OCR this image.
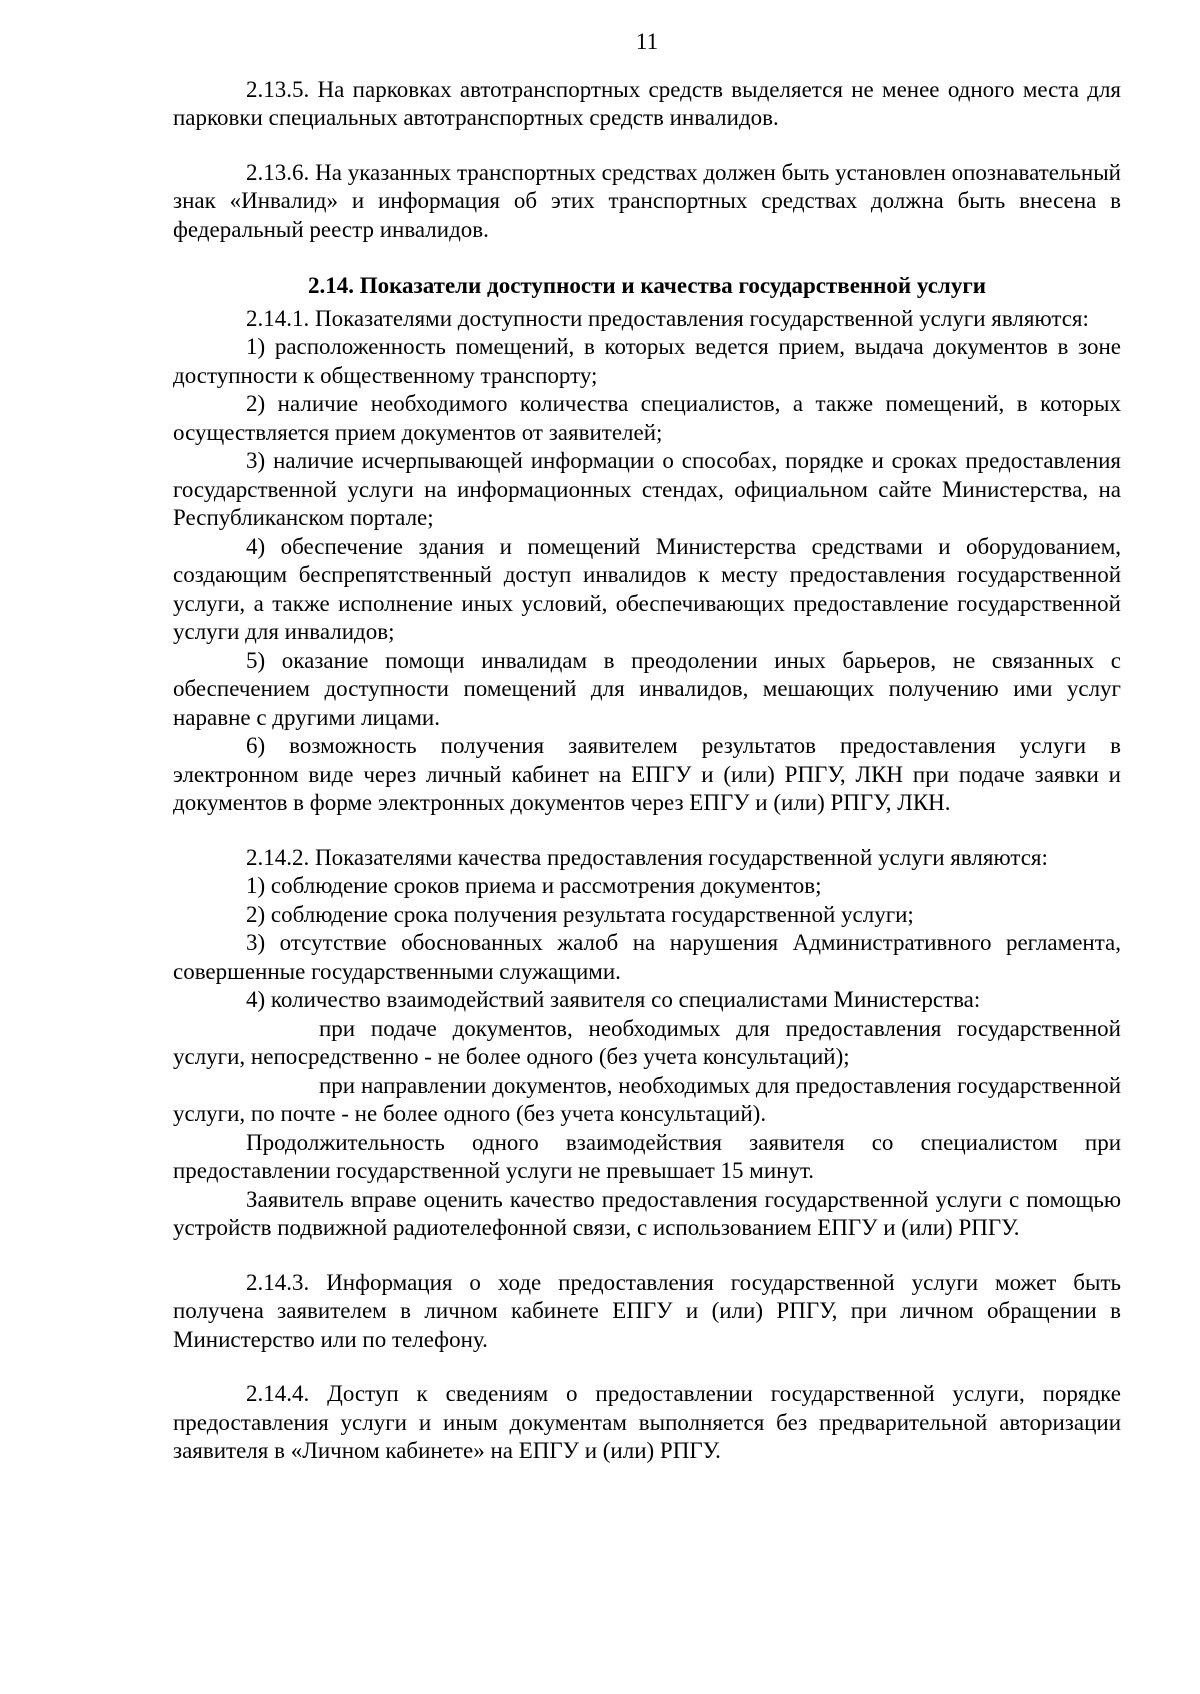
11

2.13.5. На парковках автотранспортных средств выделяется не менее одного места для парковки специальных автотранспортных средств инвалидов.

2.13.6. На указанных транспортных средствах должен быть установлен опознавательный знак «Инвалид» и информация об этих транспортных средствах должна быть внесена в федеральный реестр инвалидов.

2.14. Показатели доступности и качества государственной услуги

2.14.1. Показателями доступности предоставления государственной услуги являются:

1) расположенность помещений, в которых ведется прием, выдача документов в зоне доступности к общественному транспорту;

2) наличие необходимого количества специалистов, а также помещений, в которых осуществляется прием документов от заявителей;

3) наличие исчерпывающей информации о способах, порядке и сроках предоставления государственной услуги на информационных стендах, официальном сайте Министерства, на Республиканском портале;

4) обеспечение здания и помещений Министерства средствами и оборудованием, создающим беспрепятственный доступ инвалидов к месту предоставления государственной услуги, а также исполнение иных условий, обеспечивающих предоставление государственной услуги для инвалидов;

5) оказание помощи инвалидам в преодолении иных барьеров, не связанных с обеспечением доступности помещений для инвалидов, мешающих получению ими услуг наравне с другими лицами.

6) возможность получения заявителем результатов предоставления услуги в электронном виде через личный кабинет на ЕПГУ и (или) РПГУ, ЛКН при подаче заявки и документов в форме электронных документов через ЕПГУ и (или) РПГУ, ЛКН.

2.14.2. Показателями качества предоставления государственной услуги являются:

1) соблюдение сроков приема и рассмотрения документов;

2) соблюдение срока получения результата государственной услуги;

3) отсутствие обоснованных жалоб на нарушения Административного регламента, совершенные государственными служащими.

4) количество взаимодействий заявителя со специалистами Министерства:

при подаче документов, необходимых для предоставления государственной услуги, непосредственно - не более одного (без учета консультаций);

при направлении документов, необходимых для предоставления государственной услуги, по почте - не более одного (без учета консультаций).

Продолжительность одного взаимодействия заявителя со специалистом при предоставлении государственной услуги не превышает 15 минут.

Заявитель вправе оценить качество предоставления государственной услуги с помощью устройств подвижной радиотелефонной связи, с использованием ЕПГУ и (или) РПГУ.

2.14.3. Информация о ходе предоставления государственной услуги может быть получена заявителем в личном кабинете ЕПГУ и (или) РПГУ, при личном обращении в Министерство или по телефону.

2.14.4. Доступ к сведениям о предоставлении государственной услуги, порядке предоставления услуги и иным документам выполняется без предварительной авторизации заявителя в «Личном кабинете» на ЕПГУ и (или) РПГУ.
